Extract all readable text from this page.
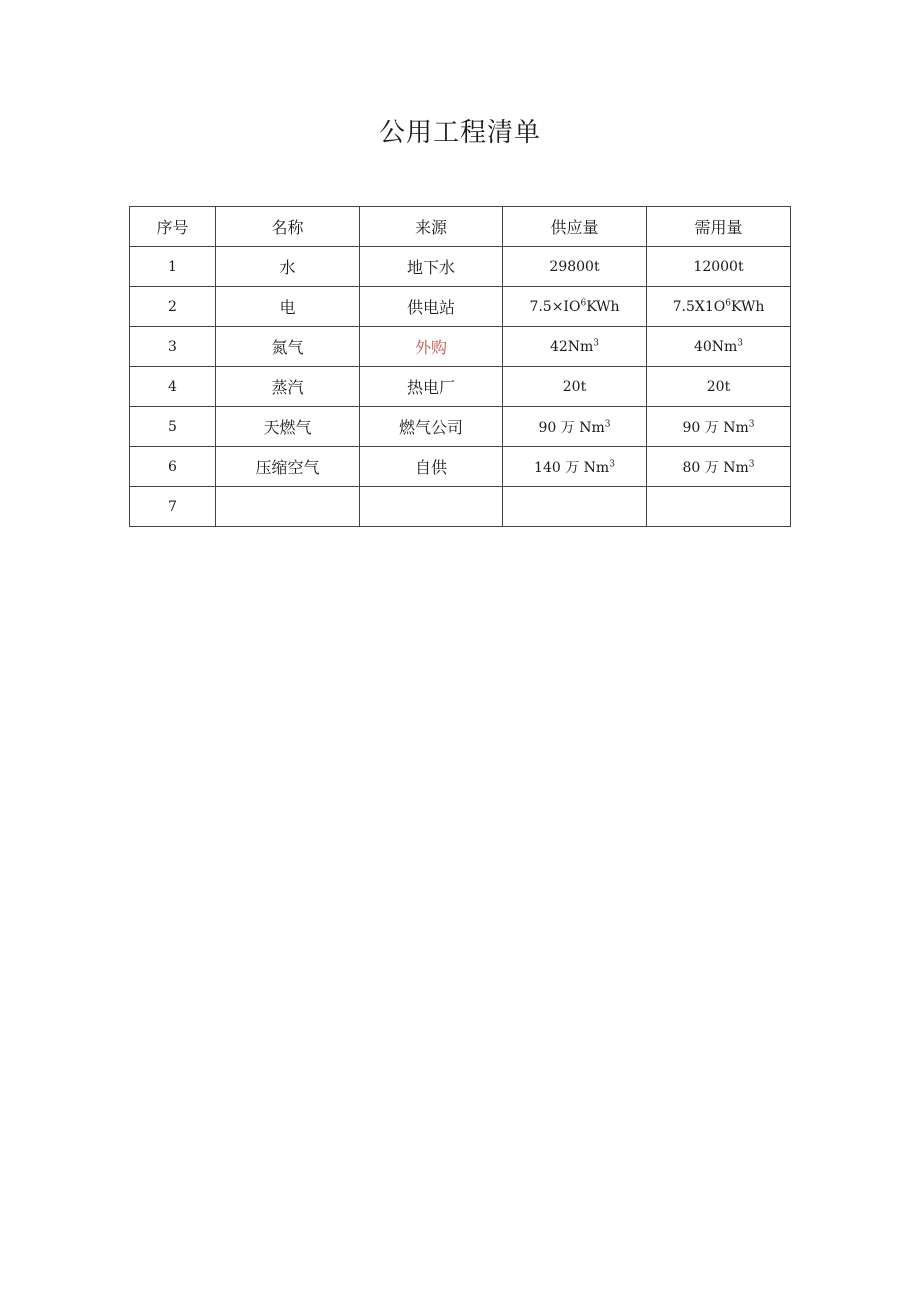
公用工程清单
序号	名称	来源	供应量	需用量
1	水	地下水	29800t	12000t
2	电	供电站	$7.5\times IO^6KWh$	$7.5X1O^6KWh$
3	氮气	外购	42Nm$^3$	40Nm$^3$
4	蒸汽	热电厂	20t	20t
5	天燃气	燃气公司	90 万 Nm$^3$	90 万 Nm$^3$
6	压缩空气	自供	140 万 Nm$^3$	80 万 Nm$^3$
7				
